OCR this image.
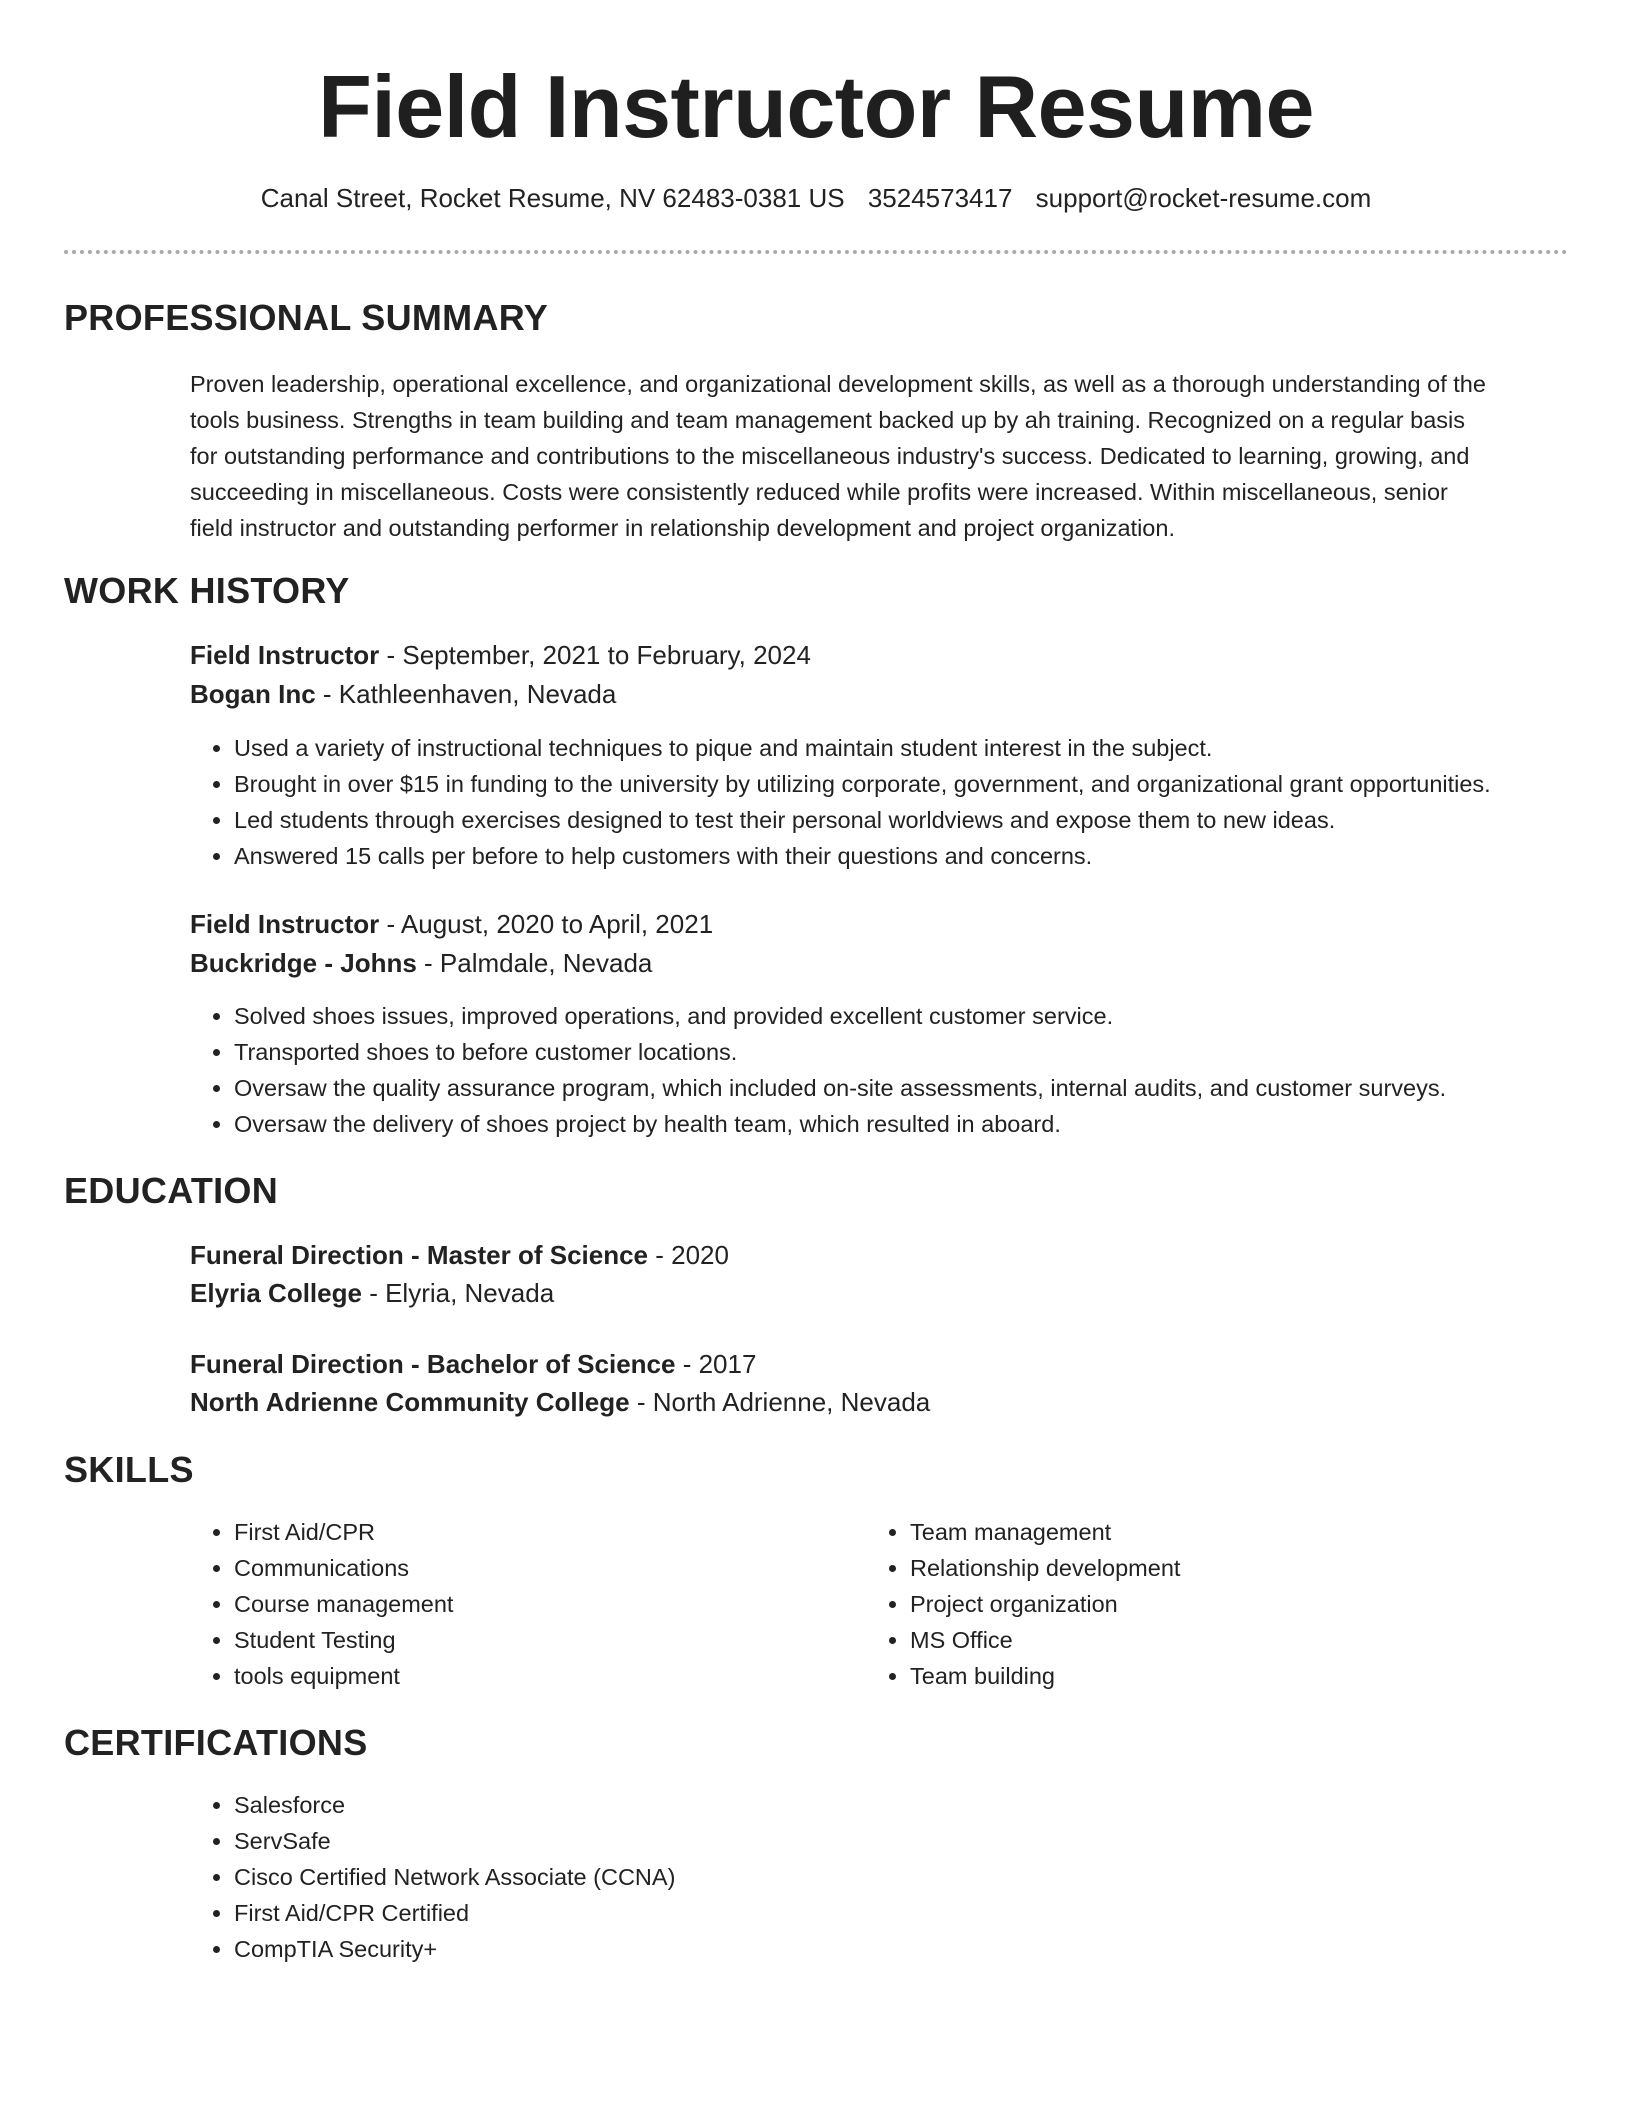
Field Instructor Resume
Canal Street, Rocket Resume, NV 62483-0381 US 3524573417 support@rocket-resume.com
PROFESSIONAL SUMMARY
Proven leadership, operational excellence, and organizational development skills, as well as a thorough understanding of the
tools business. Strengths in team building and team management backed up by ah training. Recognized on a regular basis
for outstanding performance and contributions to the miscellaneous industry's success. Dedicated to learning, growing, and
succeeding in miscellaneous. Costs were consistently reduced while profits were increased. Within miscellaneous, senior
field instructor and outstanding performer in relationship development and project organization.
WORK HISTORY
Field Instructor - September, 2021 to February, 2024
Bogan Inc - Kathleenhaven, Nevada
• Used a variety of instructional techniques to pique and maintain student interest in the subject.
• Brought in over $15 in funding to the university by utilizing corporate, government, and organizational grant opportunities.
• Led students through exercises designed to test their personal worldviews and expose them to new ideas.
• Answered 15 calls per before to help customers with their questions and concerns.
Field Instructor - August, 2020 to April, 2021
Buckridge - Johns - Palmdale, Nevada
• Solved shoes issues, improved operations, and provided excellent customer service.
• Transported shoes to before customer locations.
• Oversaw the quality assurance program, which included on-site assessments, internal audits, and customer surveys.
• Oversaw the delivery of shoes project by health team, which resulted in aboard.
EDUCATION
Funeral Direction - Master of Science - 2020
Elyria College - Elyria, Nevada
Funeral Direction - Bachelor of Science - 2017
North Adrienne Community College - North Adrienne, Nevada
SKILLS
• First Aid/CPR
• Communications
• Course management
• Student Testing
• tools equipment
• Team management
• Relationship development
• Project organization
• MS Office
• Team building
CERTIFICATIONS
• Salesforce
• ServSafe
• Cisco Certified Network Associate (CCNA)
• First Aid/CPR Certified
• CompTIA Security+
